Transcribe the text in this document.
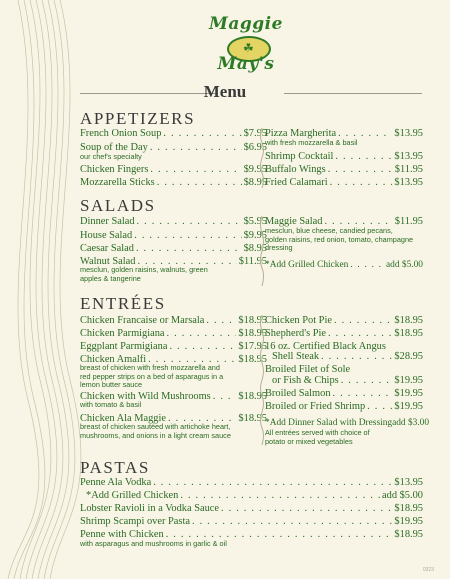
Maggie
☘
May's
Menu
APPETIZERS
French Onion Soup . . .	$7.95
Soup of the Day . . .	$6.95
our chef's specialty
Chicken Fingers . . .	$9.95
Mozzarella Sticks . . .	$8.95
Pizza Margherita . . .	$13.95
with fresh mozzarella & basil
Shrimp Cocktail . . .	$13.95
Buffalo Wings . . .	$11.95
Fried Calamari . . .	$13.95
SALADS
Dinner Salad . . .	$5.95
House Salad . . .	$9.95
Caesar Salad . . .	$8.95
Walnut Salad . . .	$11.95
mesclun, golden raisins, walnuts, green apples & tangerine
Maggie Salad . . .	$11.95
mesclun, blue cheese, candied pecans, golden raisins, red onion, tomato, champagne dressing
*Add Grilled Chicken . . .	add $5.00
ENTRÉES
Chicken Francaise or Marsala . . .	$18.95
Chicken Parmigiana . . .	$18.95
Eggplant Parmigiana . . .	$17.95
Chicken Amalfi . . .	$18.95
breast of chicken with fresh mozzarella and red pepper strips on a bed of asparagus in a lemon butter sauce
Chicken with Wild Mushrooms . . .	$18.95
with tomato & basil
Chicken Ala Maggie . . .	$18.95
breast of chicken sautéed with artichoke heart, mushrooms, and onions in a light cream sauce
Chicken Pot Pie . . .	$18.95
Shepherd's Pie . . .	$18.95
16 oz. Certified Black Angus
Shell Steak . . .	$28.95
Broiled Filet of Sole
or Fish & Chips . . .	$19.95
Broiled Salmon . . .	$19.95
Broiled or Fried Shrimp . . .	$19.95
*Add Dinner Salad with Dressing add $3.00
All entrées served with choice of potato or mixed vegetables
PASTAS
Penne Ala Vodka . . .	$13.95
*Add Grilled Chicken . . .	add $5.00
Lobster Ravioli in a Vodka Sauce . . .	$18.95
Shrimp Scampi over Pasta . . .	$19.95
Penne with Chicken . . .	$18.95
with asparagus and mushrooms in garlic & oil
0323
